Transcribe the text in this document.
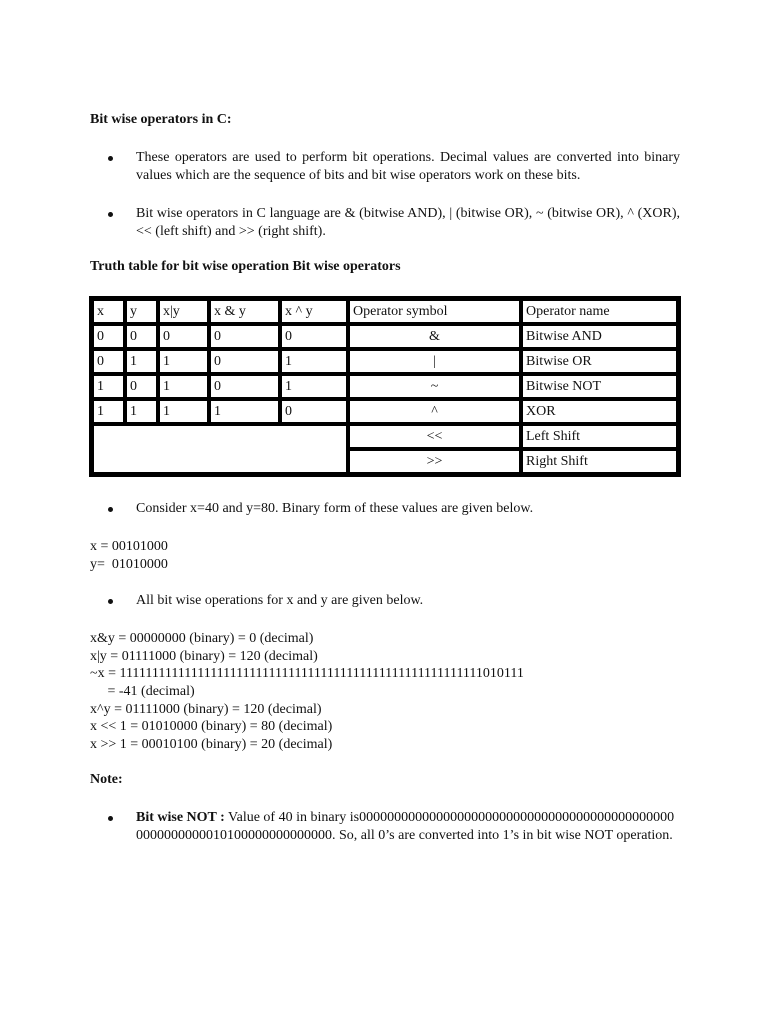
Bit wise operators in C:
These operators are used to perform bit operations. Decimal values are converted into binary values which are the sequence of bits and bit wise operators work on these bits.
Bit wise operators in C language are & (bitwise AND), | (bitwise OR), ~ (bitwise OR), ^ (XOR), << (left shift) and >> (right shift).
Truth table for bit wise operation Bit wise operators
x	y	x|y	x & y	x ^ y	Operator symbol	Operator name
0	0	0	0	0	&	Bitwise AND
0	1	1	0	1	|	Bitwise OR
1	0	1	0	1	~	Bitwise NOT
1	1	1	1	0	^	XOR
					<<	Left Shift
					>>	Right Shift
Consider x=40 and y=80. Binary form of these values are given below.
x = 00101000
y=  01010000
All bit wise operations for x and y are given below.
x&y = 00000000 (binary) = 0 (decimal)
x|y = 01111000 (binary) = 120 (decimal)
~x = 11111111111111111111111111111111111111111111111111111111010111
= -41 (decimal)
x^y = 01111000 (binary) = 120 (decimal)
x << 1 = 01010000 (binary) = 80 (decimal)
x >> 1 = 00010100 (binary) = 20 (decimal)
Note:
Bit wise NOT : Value of 40 in binary is0000000000000000000000000000000000000000000000000000000010100000000000000. So, all 0’s are converted into 1’s in bit wise NOT operation.
